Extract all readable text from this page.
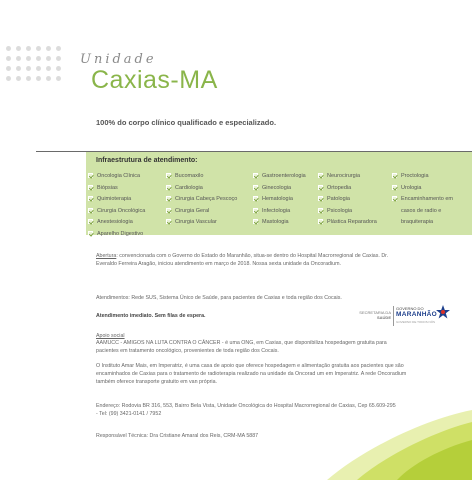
Unidade
Caxias-MA
100% do corpo clínico qualificado e especializado.
Infraestrutura de atendimento:
Oncologia Clínica
Biópsias
Quimioterapia
Cirurgia Oncológica
Anestesiologia
Aparelho Digestivo
Bucomaxilo
Cardiologia
Cirurgia Cabeça Pescoço
Cirurgia Geral
Cirurgia Vascular
Gastroenterologia
Ginecologia
Hematologia
Infectologia
Mastologia
Neurocirurgia
Ortopedia
Patologia
Psicologia
Plástica Reparadora
Proctologia
Urologia
Encaminhamento em
casos de radio e
braquiterapia
Abertura: convencionada com o Governo do Estado do Maranhão, situa-se dentro do Hospital Macrorregional de Caxias. Dr. Everaldo Ferreira Aragão, iniciou atendimento em março de 2018. Nossa sexta unidade da Oncoradium.
Atendimentos: Rede SUS, Sistema Único de Saúde, para pacientes de Caxias e toda região dos Cocais.
Atendimento imediato. Sem filas de espera.
Apoio social
AAMUCC - AMIGOS NA LUTA CONTRA O CÂNCER - é uma ONG, em Caxias, que disponibiliza hospedagem gratuita para pacientes em tratamento oncológico, provenientes de toda região dos Cocais.
O Instituto Amar Mais, em Imperatriz, é uma casa de apoio que oferece hospedagem e alimentação gratuita aos pacientes que são encaminhados de Caxias para o tratamento de radioterapia realizado na unidade da Oncorad um em Imperatriz. A rede Oncoradium também oferece transporte gratuito em van própria.
Endereço: Rodovia BR 316, 553, Bairro Bela Vista, Unidade Oncológica do Hospital Macrorregional de Caxias, Cep 65.609-295 - Tel: (99) 3421-0141 / 7952
Responsável Técnica: Dra Cristiane Amaral dos Reis, CRM-MA 5887
SECRETARIA DA
SAÚDE
GOVERNO DO
MARANHÃO
GOVERNO DE TODOS NÓS
